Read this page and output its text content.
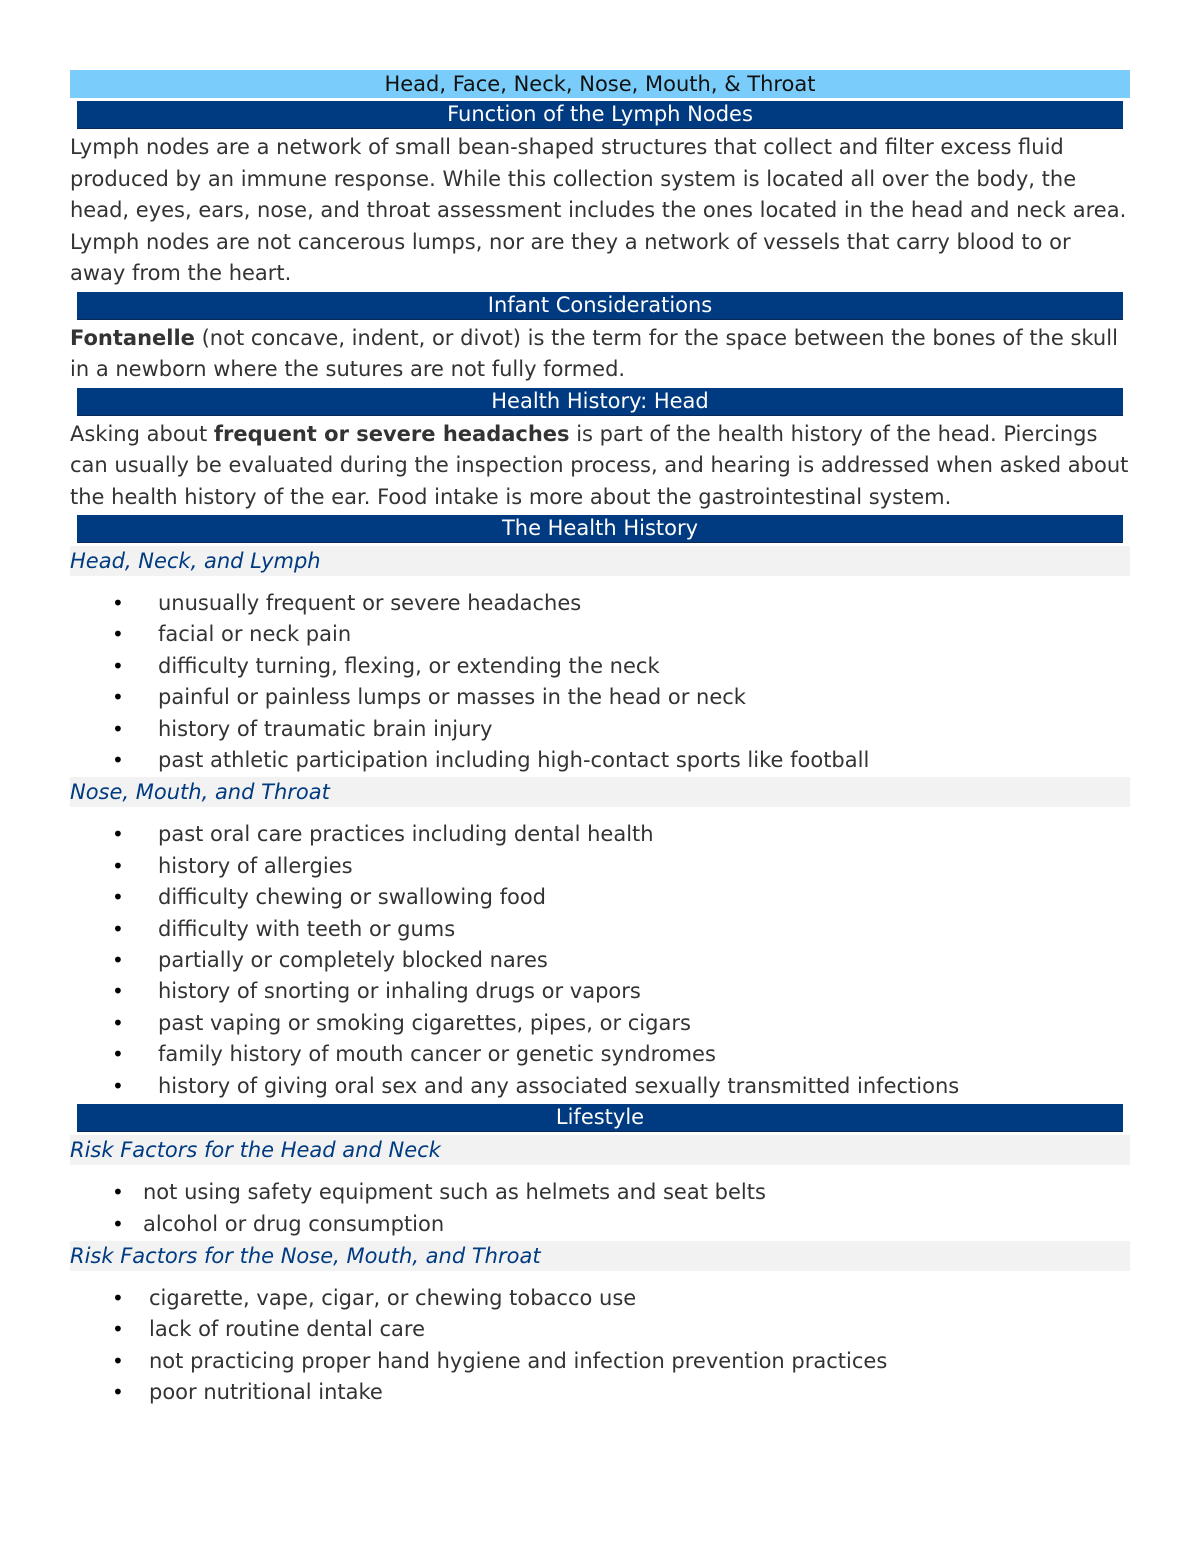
Head, Face, Neck, Nose, Mouth, & Throat
Function of the Lymph Nodes

Lymph nodes are a network of small bean-shaped structures that collect and filter excess fluid produced by an immune response. While this collection system is located all over the body, the head, eyes, ears, nose, and throat assessment includes the ones located in the head and neck area.

Lymph nodes are not cancerous lumps, nor are they a network of vessels that carry blood to or away from the heart.

Infant Considerations

Fontanelle (not concave, indent, or divot) is the term for the space between the bones of the skull in a newborn where the sutures are not fully formed.

Health History: Head

Asking about frequent or severe headaches is part of the health history of the head. Piercings can usually be evaluated during the inspection process, and hearing is addressed when asked about the health history of the ear. Food intake is more about the gastrointestinal system.

The Health History
Head, Neck, and Lymph
• unusually frequent or severe headaches
• facial or neck pain
• difficulty turning, flexing, or extending the neck
• painful or painless lumps or masses in the head or neck
• history of traumatic brain injury
• past athletic participation including high-contact sports like football
Nose, Mouth, and Throat
• past oral care practices including dental health
• history of allergies
• difficulty chewing or swallowing food
• difficulty with teeth or gums
• partially or completely blocked nares
• history of snorting or inhaling drugs or vapors
• past vaping or smoking cigarettes, pipes, or cigars
• family history of mouth cancer or genetic syndromes
• history of giving oral sex and any associated sexually transmitted infections
Lifestyle
Risk Factors for the Head and Neck
• not using safety equipment such as helmets and seat belts
• alcohol or drug consumption
Risk Factors for the Nose, Mouth, and Throat
• cigarette, vape, cigar, or chewing tobacco use
• lack of routine dental care
• not practicing proper hand hygiene and infection prevention practices
• poor nutritional intake
